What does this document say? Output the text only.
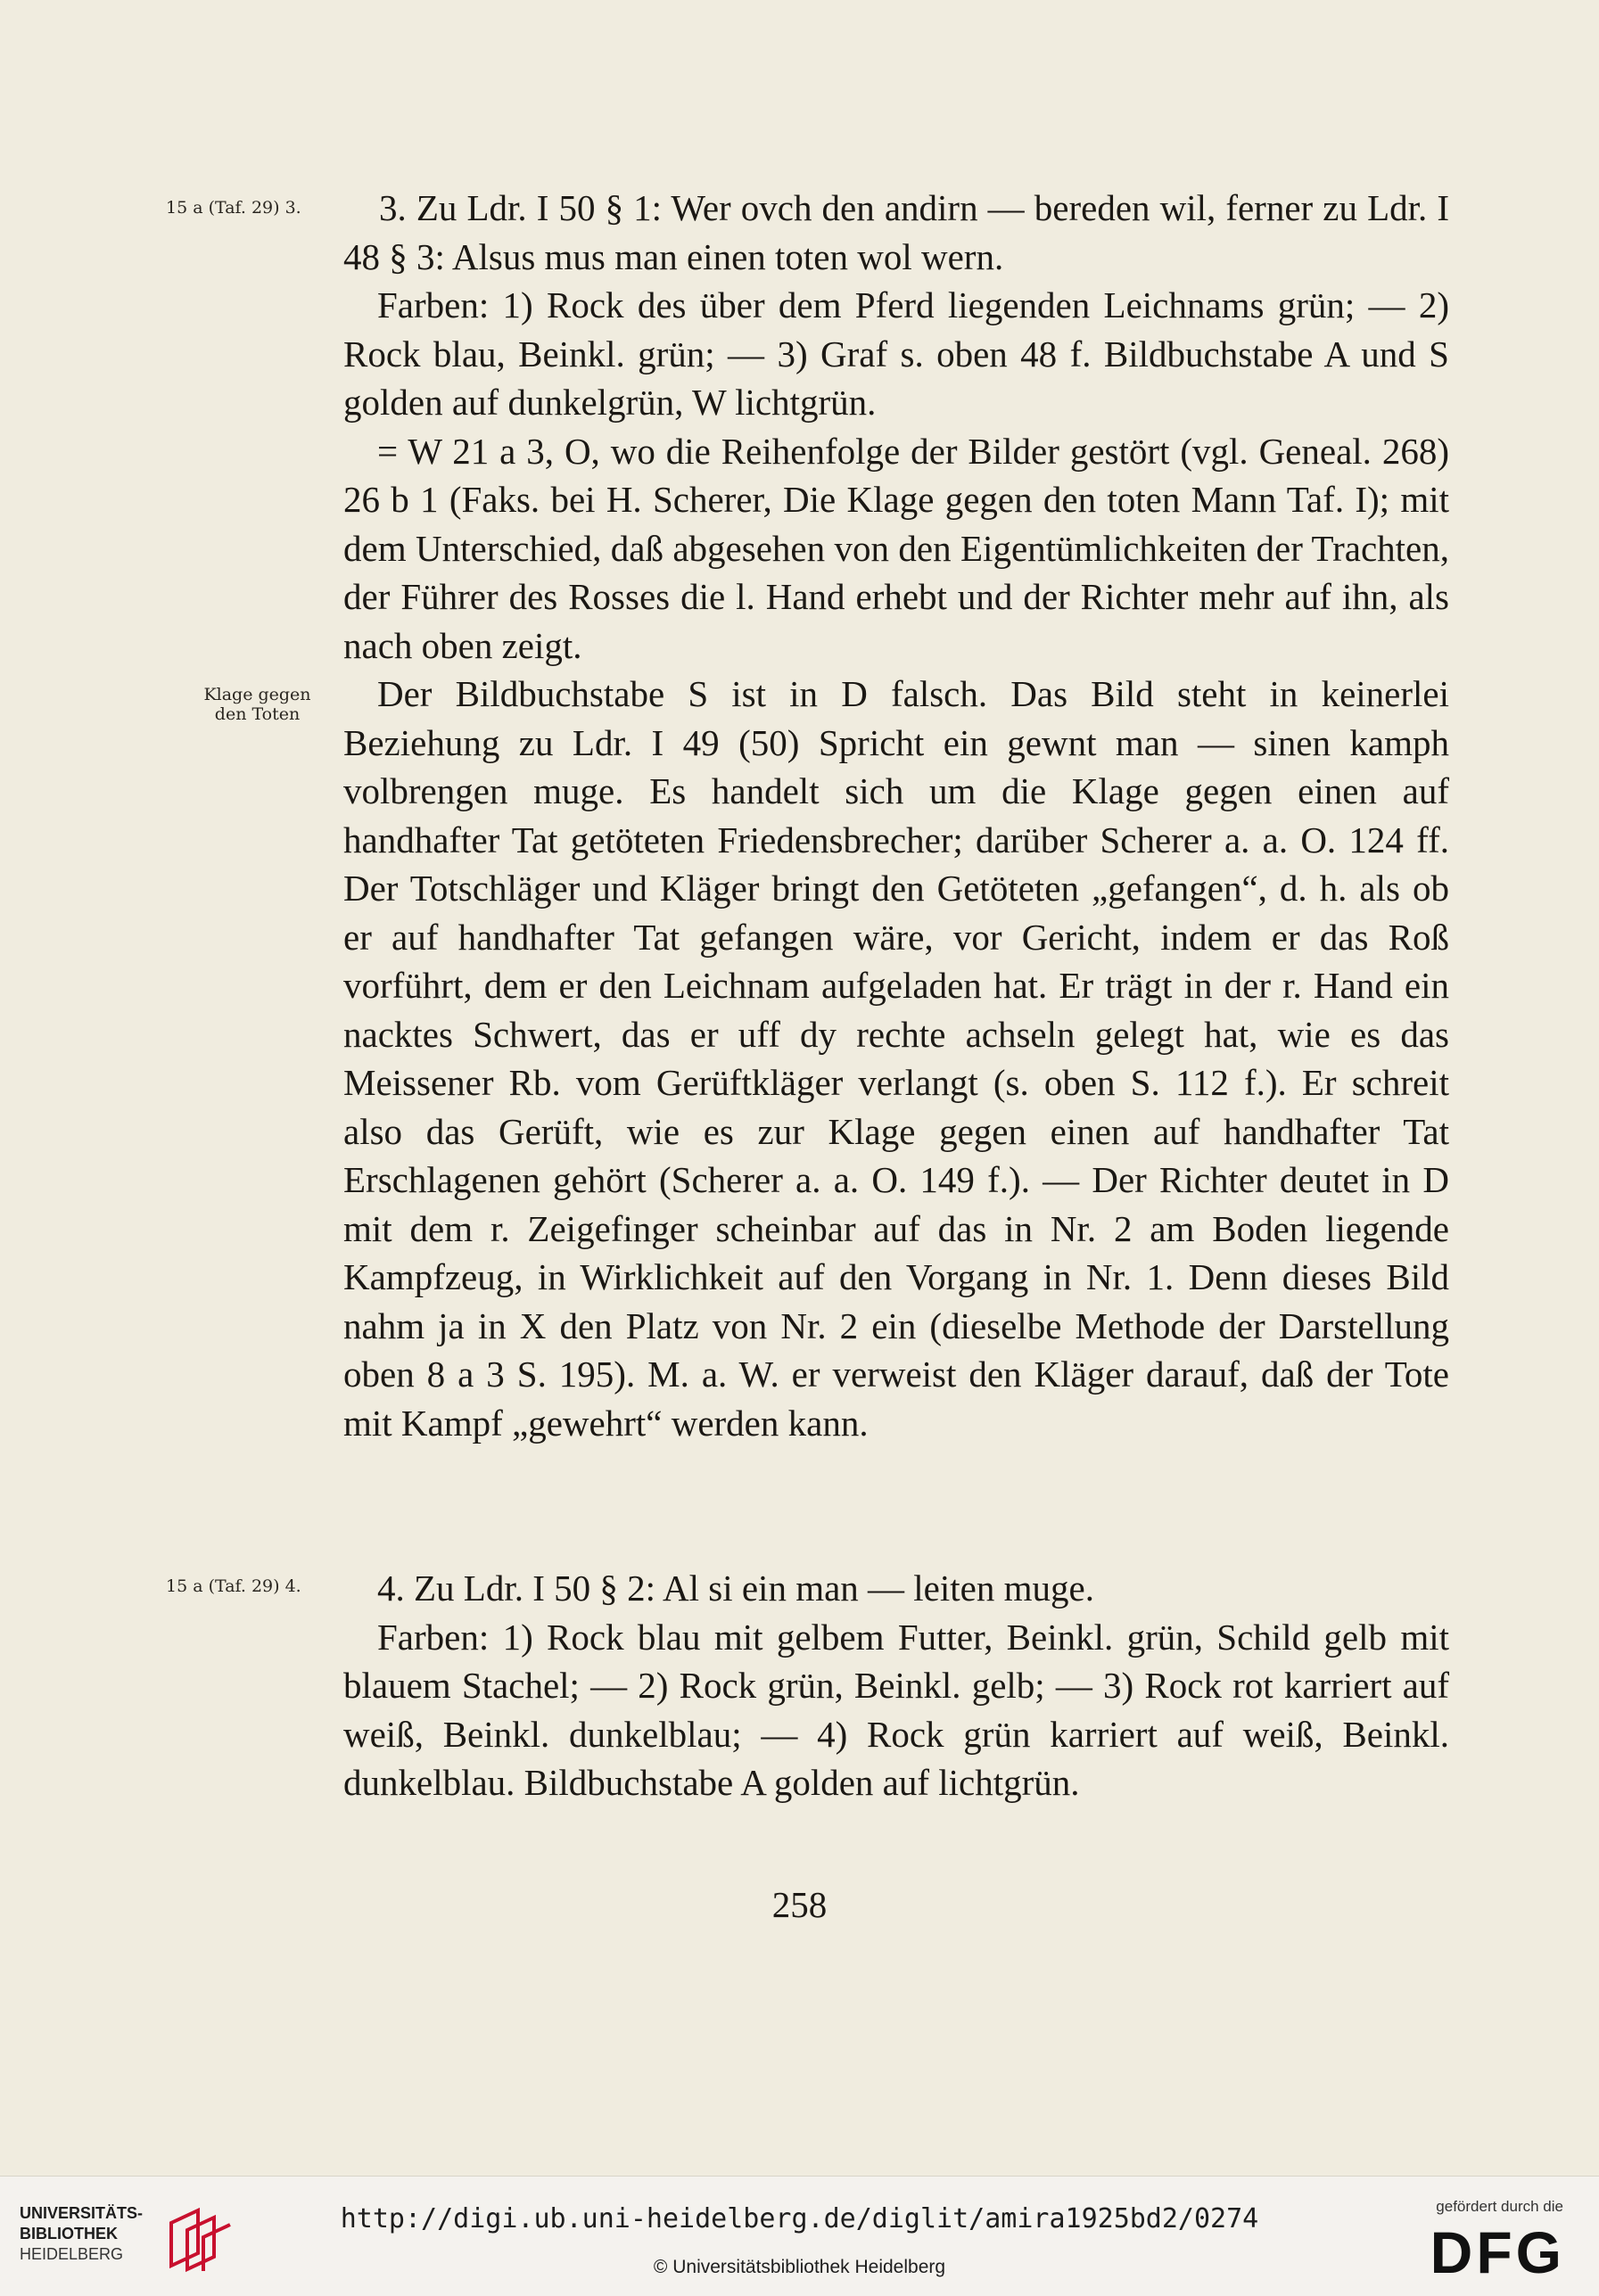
15 a (Taf. 29) 3.
Klage gegen
den Toten
15 a (Taf. 29) 4.

3. Zu Ldr. I 50 § 1: Wer ovch den andirn — bereden wil, ferner zu Ldr. I 48 § 3: Alsus mus man einen toten wol wern.

Farben: 1) Rock des über dem Pferd liegenden Leichnams grün; — 2) Rock blau, Beinkl. grün; — 3) Graf s. oben 48 f. Bildbuchstabe A und S golden auf dunkelgrün, W lichtgrün.

= W 21 a 3, O, wo die Reihenfolge der Bilder gestört (vgl. Geneal. 268) 26 b 1 (Faks. bei H. Scherer, Die Klage gegen den toten Mann Taf. I); mit dem Unterschied, daß abgesehen von den Eigentümlichkeiten der Trachten, der Führer des Rosses die l. Hand erhebt und der Richter mehr auf ihn, als nach oben zeigt.

Der Bildbuchstabe S ist in D falsch. Das Bild steht in keinerlei Beziehung zu Ldr. I 49 (50) Spricht ein gewnt man — sinen kamph volbrengen muge. Es handelt sich um die Klage gegen einen auf handhafter Tat getöteten Friedensbrecher; darüber Scherer a. a. O. 124 ff. Der Totschläger und Kläger bringt den Getöteten „gefangen“, d. h. als ob er auf handhafter Tat gefangen wäre, vor Gericht, indem er das Roß vorführt, dem er den Leichnam aufgeladen hat. Er trägt in der r. Hand ein nacktes Schwert, das er uff dy rechte achseln gelegt hat, wie es das Meissener Rb. vom Gerüftkläger verlangt (s. oben S. 112 f.). Er schreit also das Gerüft, wie es zur Klage gegen einen auf handhafter Tat Erschlagenen gehört (Scherer a. a. O. 149 f.). — Der Richter deutet in D mit dem r. Zeigefinger scheinbar auf das in Nr. 2 am Boden liegende Kampfzeug, in Wirklichkeit auf den Vorgang in Nr. 1. Denn dieses Bild nahm ja in X den Platz von Nr. 2 ein (dieselbe Methode der Darstellung oben 8 a 3 S. 195). M. a. W. er verweist den Kläger darauf, daß der Tote mit Kampf „gewehrt“ werden kann.

4. Zu Ldr. I 50 § 2: Al si ein man — leiten muge.

Farben: 1) Rock blau mit gelbem Futter, Beinkl. grün, Schild gelb mit blauem Stachel; — 2) Rock grün, Beinkl. gelb; — 3) Rock rot karriert auf weiß, Beinkl. dunkelblau; — 4) Rock grün karriert auf weiß, Beinkl. dunkelblau. Bildbuchstabe A golden auf lichtgrün.

258
UNIVERSITÄTS-
BIBLIOTHEK
HEIDELBERG
http://digi.ub.uni-heidelberg.de/diglit/amira1925bd2/0274
© Universitätsbibliothek Heidelberg
gefördert durch die
DFG
